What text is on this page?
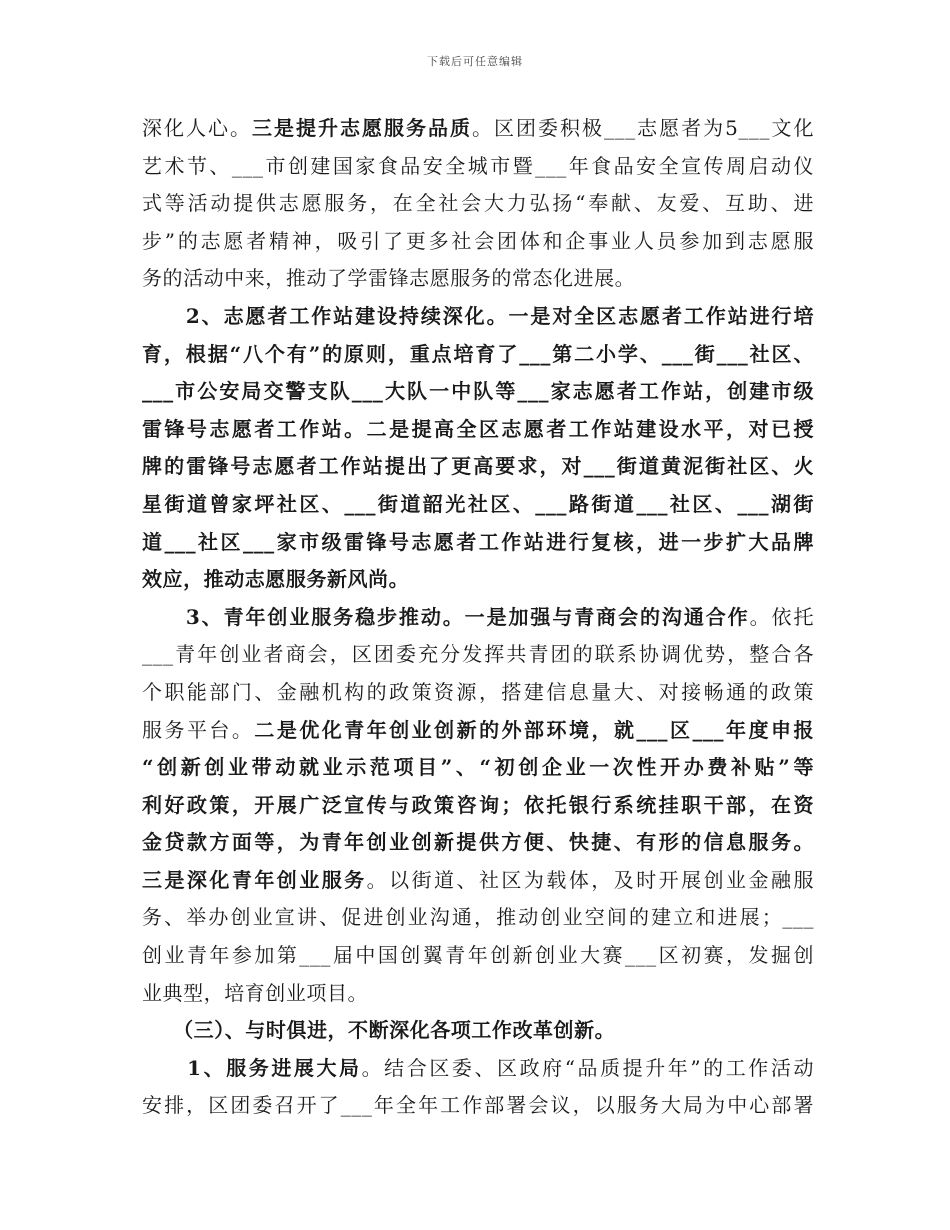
下载后可任意编辑
深化人心。三是提升志愿服务品质。区团委积极___志愿者为5___文化
艺术节、___市创建国家食品安全城市暨___年食品安全宣传周启动仪
式等活动提供志愿服务，在全社会大力弘扬“奉献、友爱、互助、进
步”的志愿者精神，吸引了更多社会团体和企事业人员参加到志愿服
务的活动中来，推动了学雷锋志愿服务的常态化进展。
　　2、志愿者工作站建设持续深化。一是对全区志愿者工作站进行培
育，根据“八个有”的原则，重点培育了___第二小学、___街___社区、
___市公安局交警支队___大队一中队等___家志愿者工作站，创建市级
雷锋号志愿者工作站。二是提高全区志愿者工作站建设水平，对已授
牌的雷锋号志愿者工作站提出了更高要求，对___街道黄泥街社区、火
星街道曾家坪社区、___街道韶光社区、___路街道___社区、___湖街
道___社区___家市级雷锋号志愿者工作站进行复核，进一步扩大品牌
效应，推动志愿服务新风尚。
　　3、青年创业服务稳步推动。一是加强与青商会的沟通合作。依托
___青年创业者商会，区团委充分发挥共青团的联系协调优势，整合各
个职能部门、金融机构的政策资源，搭建信息量大、对接畅通的政策
服务平台。二是优化青年创业创新的外部环境，就___区___年度申报
“创新创业带动就业示范项目”、“初创企业一次性开办费补贴”等
利好政策，开展广泛宣传与政策咨询；依托银行系统挂职干部，在资
金贷款方面等，为青年创业创新提供方便、快捷、有形的信息服务。
三是深化青年创业服务。以街道、社区为载体，及时开展创业金融服
务、举办创业宣讲、促进创业沟通，推动创业空间的建立和进展；___
创业青年参加第___届中国创翼青年创新创业大赛___区初赛，发掘创
业典型，培育创业项目。
　　（三）、与时俱进，不断深化各项工作改革创新。
　　1、服务进展大局。结合区委、区政府“品质提升年”的工作活动
安排，区团委召开了___年全年工作部署会议，以服务大局为中心部署
